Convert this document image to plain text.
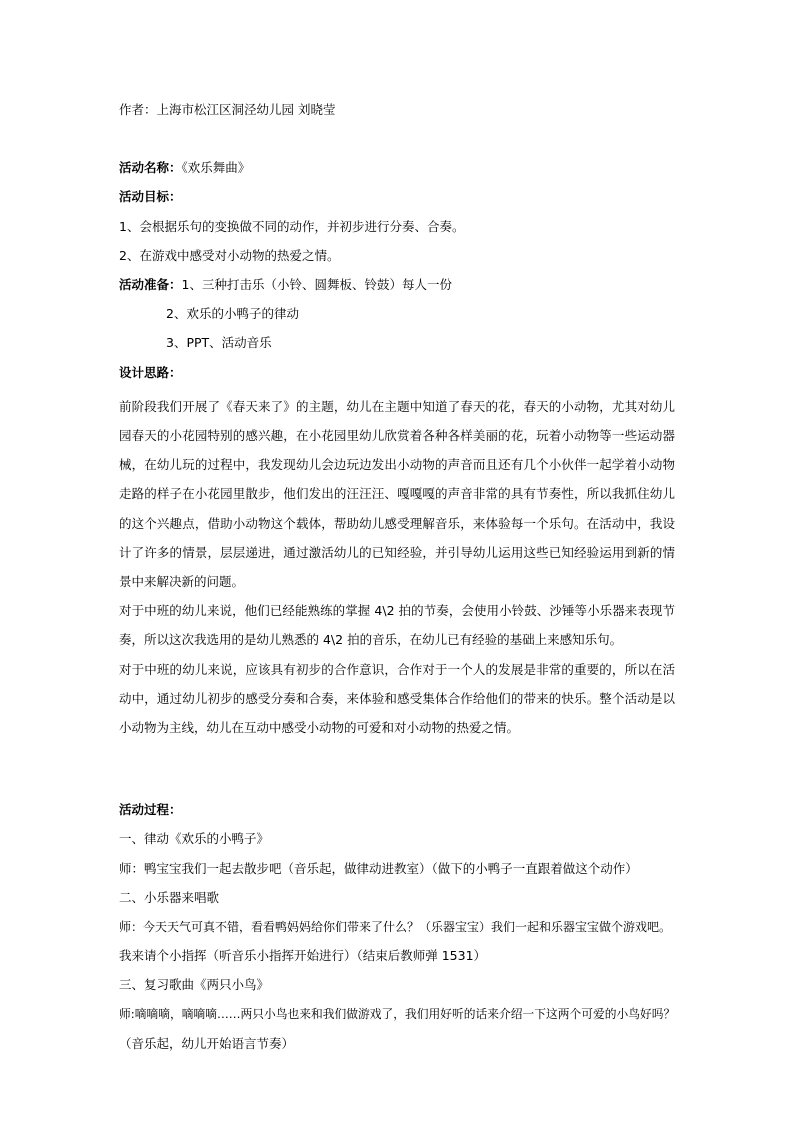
作者：上海市松江区洞泾幼儿园 刘晓莹
活动名称：《欢乐舞曲》
活动目标：
1、会根据乐句的变换做不同的动作，并初步进行分奏、合奏。
2、在游戏中感受对小动物的热爱之情。
活动准备：1、三种打击乐（小铃、圆舞板、铃鼓）每人一份
2、欢乐的小鸭子的律动
3、PPT、活动音乐
设计思路：
前阶段我们开展了《春天来了》的主题，幼儿在主题中知道了春天的花，春天的小动物，尤其对幼儿园春天的小花园特别的感兴趣，在小花园里幼儿欣赏着各种各样美丽的花，玩着小动物等一些运动器械，在幼儿玩的过程中，我发现幼儿会边玩边发出小动物的声音而且还有几个小伙伴一起学着小动物走路的样子在小花园里散步，他们发出的汪汪汪、嘎嘎嘎的声音非常的具有节奏性，所以我抓住幼儿的这个兴趣点，借助小动物这个载体，帮助幼儿感受理解音乐，来体验每一个乐句。在活动中，我设计了许多的情景，层层递进，通过激活幼儿的已知经验，并引导幼儿运用这些已知经验运用到新的情景中来解决新的问题。
对于中班的幼儿来说，他们已经能熟练的掌握 4\2 拍的节奏，会使用小铃鼓、沙锤等小乐器来表现节奏，所以这次我选用的是幼儿熟悉的 4\2 拍的音乐，在幼儿已有经验的基础上来感知乐句。
对于中班的幼儿来说，应该具有初步的合作意识，合作对于一个人的发展是非常的重要的，所以在活动中，通过幼儿初步的感受分奏和合奏，来体验和感受集体合作给他们的带来的快乐。整个活动是以小动物为主线，幼儿在互动中感受小动物的可爱和对小动物的热爱之情。
活动过程：
一、律动《欢乐的小鸭子》
师：鸭宝宝我们一起去散步吧（音乐起，做律动进教室）（做下的小鸭子一直跟着做这个动作）
二、小乐器来唱歌
师：今天天气可真不错，看看鸭妈妈给你们带来了什么？（乐器宝宝）我们一起和乐器宝宝做个游戏吧。
我来请个小指挥（听音乐小指挥开始进行）（结束后教师弹 1531）
三、复习歌曲《两只小鸟》
师:嘀嘀嘀，嘀嘀嘀……两只小鸟也来和我们做游戏了，我们用好听的话来介绍一下这两个可爱的小鸟好吗？
（音乐起，幼儿开始语言节奏）
